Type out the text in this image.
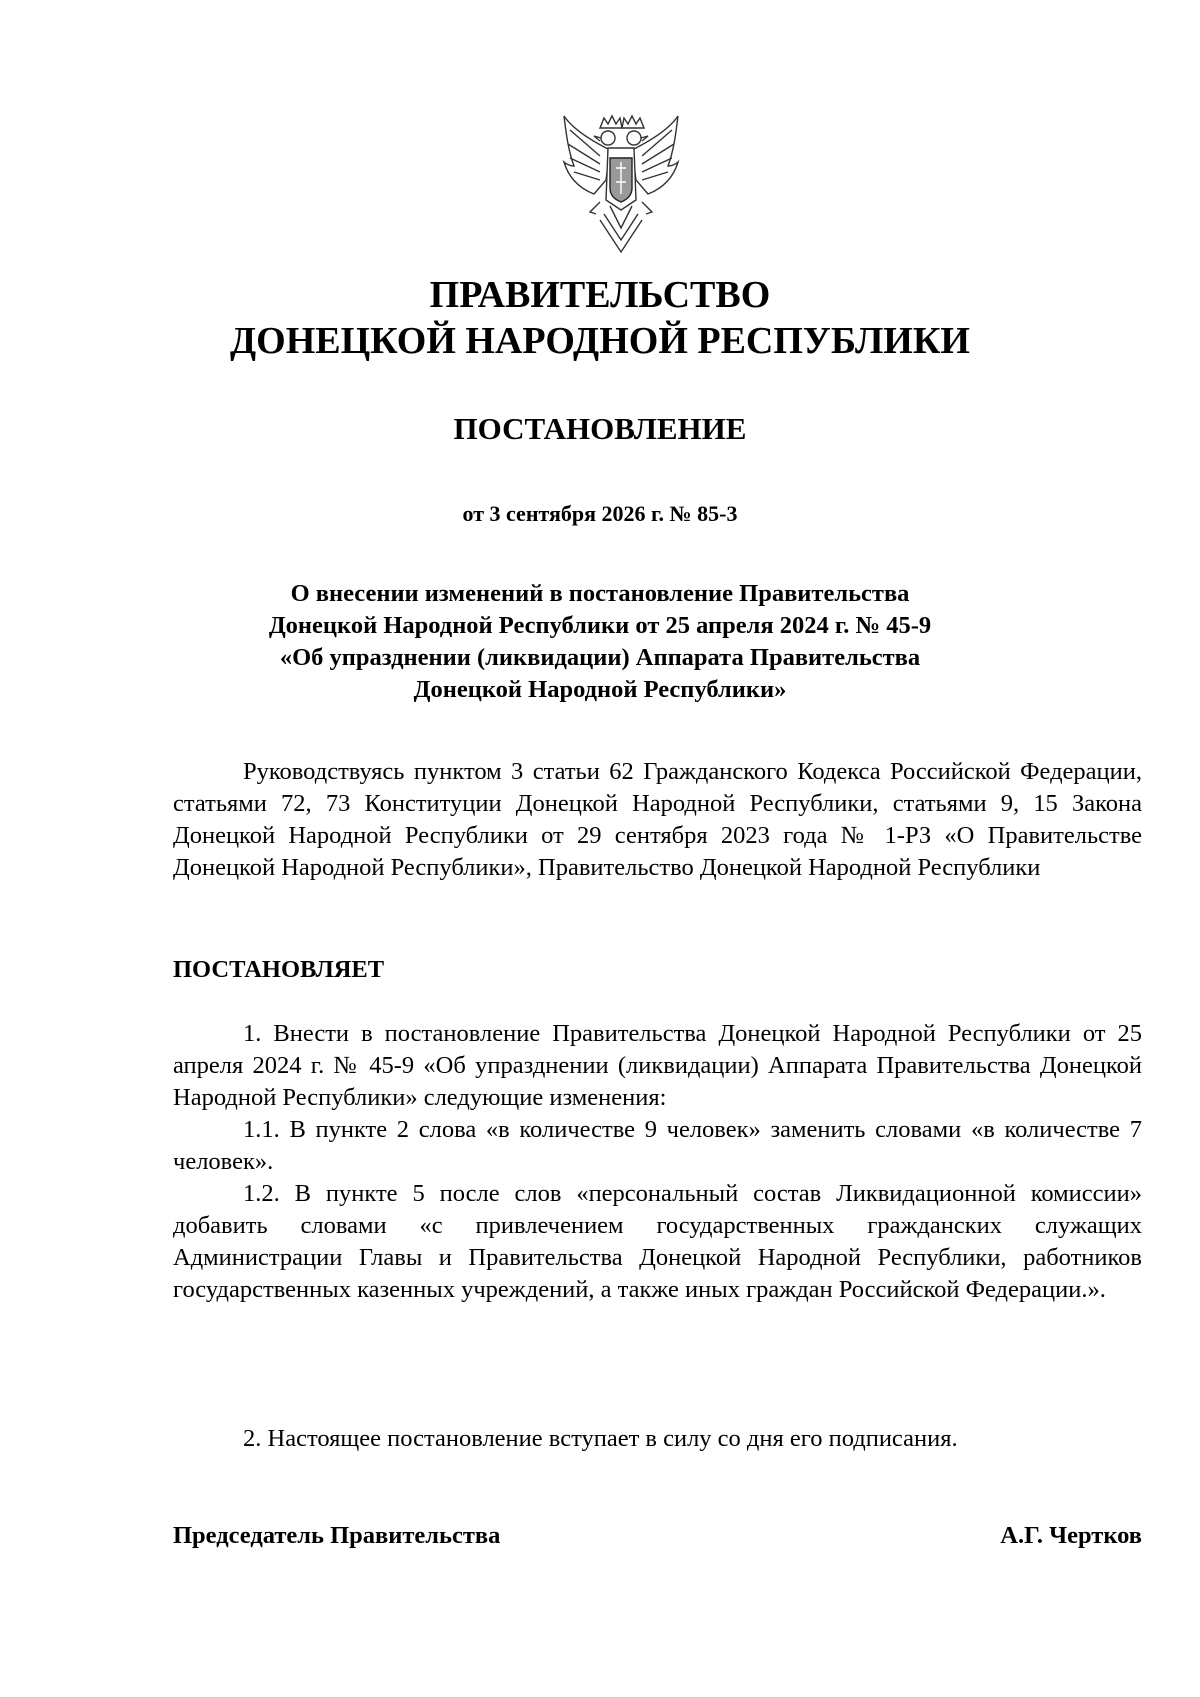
ПРАВИТЕЛЬСТВО
ДОНЕЦКОЙ НАРОДНОЙ РЕСПУБЛИКИ
ПОСТАНОВЛЕНИЕ
от 3 сентября 2026 г. № 85-3
О внесении изменений в постановление Правительства
Донецкой Народной Республики от 25 апреля 2024 г. № 45-9
«Об упразднении (ликвидации) Аппарата Правительства
Донецкой Народной Республики»

Руководствуясь пунктом 3 статьи 62 Гражданского Кодекса Российской Федерации, статьями 72, 73 Конституции Донецкой Народной Республики, статьями 9, 15 Закона Донецкой Народной Республики от 29 сентября 2023 года № 1-РЗ «О Правительстве Донецкой Народной Республики», Правительство Донецкой Народной Республики

ПОСТАНОВЛЯЕТ

1. Внести в постановление Правительства Донецкой Народной Республики от 25 апреля 2024 г. № 45-9 «Об упразднении (ликвидации) Аппарата Правительства Донецкой Народной Республики» следующие изменения:

1.1. В пункте 2 слова «в количестве 9 человек» заменить словами «в количестве 7 человек».

1.2. В пункте 5 после слов «персональный состав Ликвидационной комиссии» добавить словами «с привлечением государственных гражданских служащих Администрации Главы и Правительства Донецкой Народной Республики, работников государственных казенных учреждений, а также иных граждан Российской Федерации.».

2. Настоящее постановление вступает в силу со дня его подписания.

Председатель Правительства	А.Г. Чертков
